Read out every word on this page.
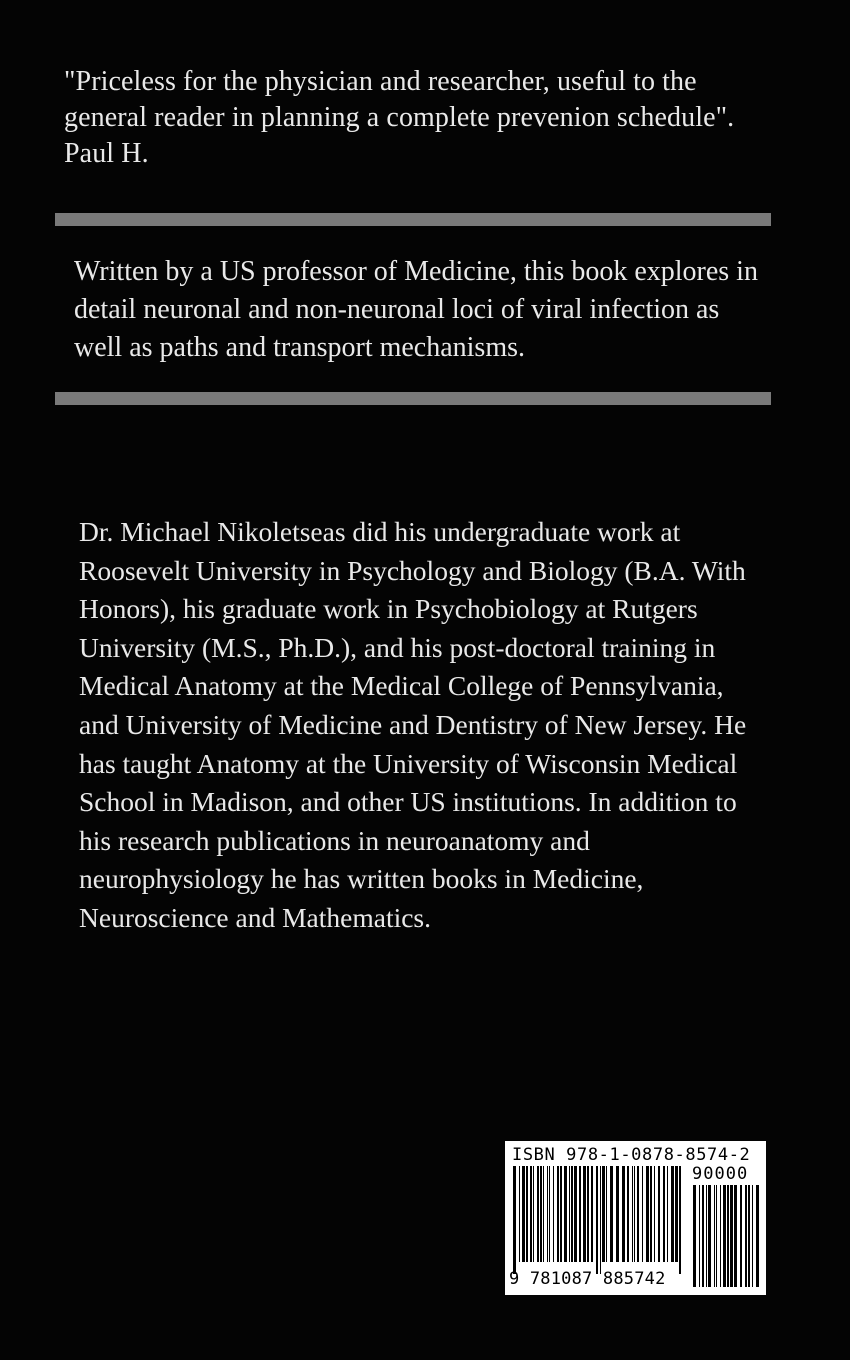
"Priceless for the physician and researcher, useful to the general reader in planning a complete prevenion schedule".
Paul H.
Written by a US professor of Medicine, this book explores in detail neuronal and non-neuronal loci of viral infection as well as paths and transport mechanisms.
Dr. Michael Nikoletseas did his undergraduate work at Roosevelt University in Psychology and Biology (B.A. With Honors), his graduate work in Psychobiology at Rutgers University (M.S., Ph.D.), and his post-doctoral training in Medical Anatomy at the Medical College of Pennsylvania, and University of Medicine and Dentistry of New Jersey. He has taught Anatomy at the University of Wisconsin Medical School in Madison, and other US institutions. In addition to his research publications in neuroanatomy and neurophysiology he has written books in Medicine, Neuroscience and Mathematics.
ISBN 978-1-0878-8574-2
90000
9 781087 885742
